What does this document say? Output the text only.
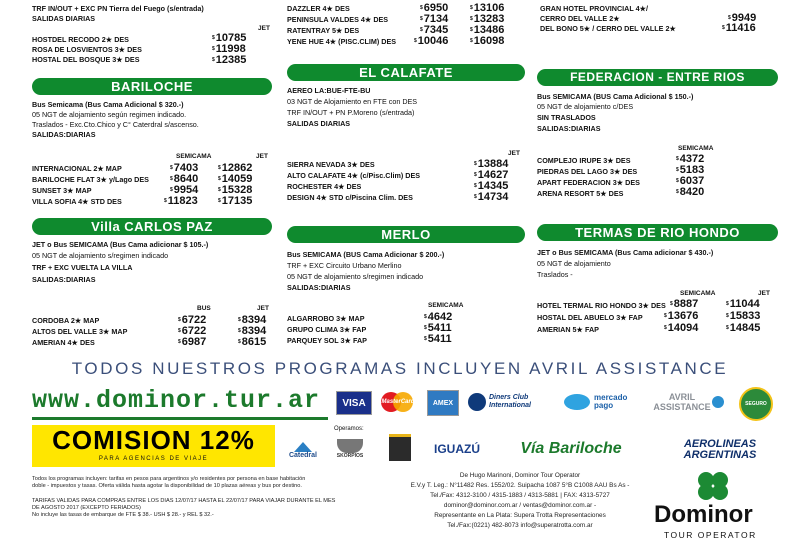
TRF IN/OUT + EXC PN Tierra del Fuego (s/entrada)
SALIDAS DIARIAS
JET
HOSTDEL RECODO 2★ DES	$10785
ROSA DE LOSVIENTOS 3★ DES	$11998
HOSTAL DEL BOSQUE 3★ DES	$12385
DAZZLER 4★ DES	$6950	$13106
PENINSULA VALDES 4★ DES	$7134	$13283
RATENTRAY 5★ DES	$7345	$13486
YENE HUE 4★ (PISC.CLIM) DES	$10046	$16098
GRAN HOTEL PROVINCIAL 4★/
CERRO DEL VALLE 2★	$9949
DEL BONO 5★ / CERRO DEL VALLE 2★	$11416
BARILOCHE
Bus Semicama (Bus Cama Adicional $ 320.-)
05 NGT de alojamiento según regimen indicado.
Traslados - Exc.Cto.Chico y C° Caterdral s/ascenso.
SALIDAS:DIARIAS
SEMICAMA	JET
INTERNACIONAL 2★ MAP	$7403	$12862
BARILOCHE FLAT 3★ y/Lago DES	$8640	$14059
SUNSET 3★ MAP	$9954	$15328
VILLA SOFIA 4★ STD DES	$11823	$17135
EL CALAFATE
AEREO LA:BUE-FTE-BU
03 NGT de Alojamiento en FTE con DES
TRF IN/OUT + PN P.Moreno (s/entrada)
SALIDAS DIARIAS
JET
SIERRA NEVADA 3★ DES	$13884
ALTO CALAFATE 4★ (c/Pisc.Clim) DES	$14627
ROCHESTER 4★ DES	$14345
DESIGN 4★ STD c/Piscina Clim. DES	$14734
FEDERACION - ENTRE RIOS
Bus SEMICAMA (BUS Cama Adicional $ 150.-)
05 NGT de alojamiento c/DES
SIN TRASLADOS
SALIDAS:DIARIAS
SEMICAMA
COMPLEJO IRUPE 3★ DES	$4372
PIEDRAS DEL LAGO 3★ DES	$5183
APART FEDERACION 3★ DES	$6037
ARENA RESORT 5★ DES	$8420
Villa CARLOS PAZ
JET o Bus SEMICAMA (Bus Cama adicionar $ 105.-)
05 NGT de alojamiento s/regimen indicado
TRF + EXC VUELTA LA VILLA
SALIDAS:DIARIAS
BUS	JET
CORDOBA 2★ MAP	$6722	$8394
ALTOS DEL VALLE 3★ MAP	$6722	$8394
AMERIAN 4★ DES	$6987	$8615
MERLO
Bus SEMICAMA (BUS Cama Adicionar $ 200.-)
TRF + EXC Circuito Urbano Merlino
05 NGT de alojamiento s/regimen indicado
SALIDAS:DIARIAS
SEMICAMA
ALGARROBO 3★ MAP	$4642
GRUPO CLIMA 3★ FAP	$5411
PARQUEY SOL 3★ FAP	$5411
TERMAS DE RIO HONDO
JET o Bus SEMICAMA (Bus Cama adicionar $ 430.-)
05 NGT de alojamiento
Traslados -
SEMICAMA	JET
HOTEL TERMAL RIO HONDO 3★ DES $8887	$11044
HOSTAL DEL ABUELO 3★ FAP	$13676	$15833
AMERIAN 5★ FAP	$14094	$14845
TODOS NUESTROS PROGRAMAS INCLUYEN AVRIL ASSISTANCE
www.dominor.tur.ar	VISA	MasterCard	AMEX
Diners Club International
mercado pago
AVRIL ASSISTANCE	SEGURO
COMISION 12%
PARA AGENCIAS DE VIAJE
Operamos:
Catedral	SKORPIOS	IGUAZÚ	Vía Bariloche	AEROLINEAS ARGENTINAS
Todos los programas incluyen: tarifas en pesos para argentinos y/o residentes por persona en base habitación
doble - impuestos y tasas. Oferta válida hasta agotar la disponibilidad de 10 plazas aéreas y bus por destino.
TARIFAS VALIDAS PARA COMPRAS ENTRE LOS DIAS 12/07/17 HASTA EL 22/07/17 PARA VIAJAR DURANTE EL MES
DE AGOSTO 2017 (EXCEPTO FERIADOS)
No incluye las tasas de embarque de FTE $ 38.- USH $ 28.- y REL $ 32.-
De Hugo Marinoni, Dominor Tour Operator
E.V.y T. Leg.: N°11482 Res. 1552/02. Suipacha 1087 5°B C1008 AAU Bs As -
Tel./Fax: 4312-3100 / 4315-1883 / 4313-5881 | FAX: 4313-5727
dominor@dominor.com.ar / ventas@dominor.com.ar -
Representante en La Plata: Supera Trotta Representaciones
Tel./Fax:(0221) 482-8073 info@superatrotta.com.ar	Dominor
TOUR OPERATOR
